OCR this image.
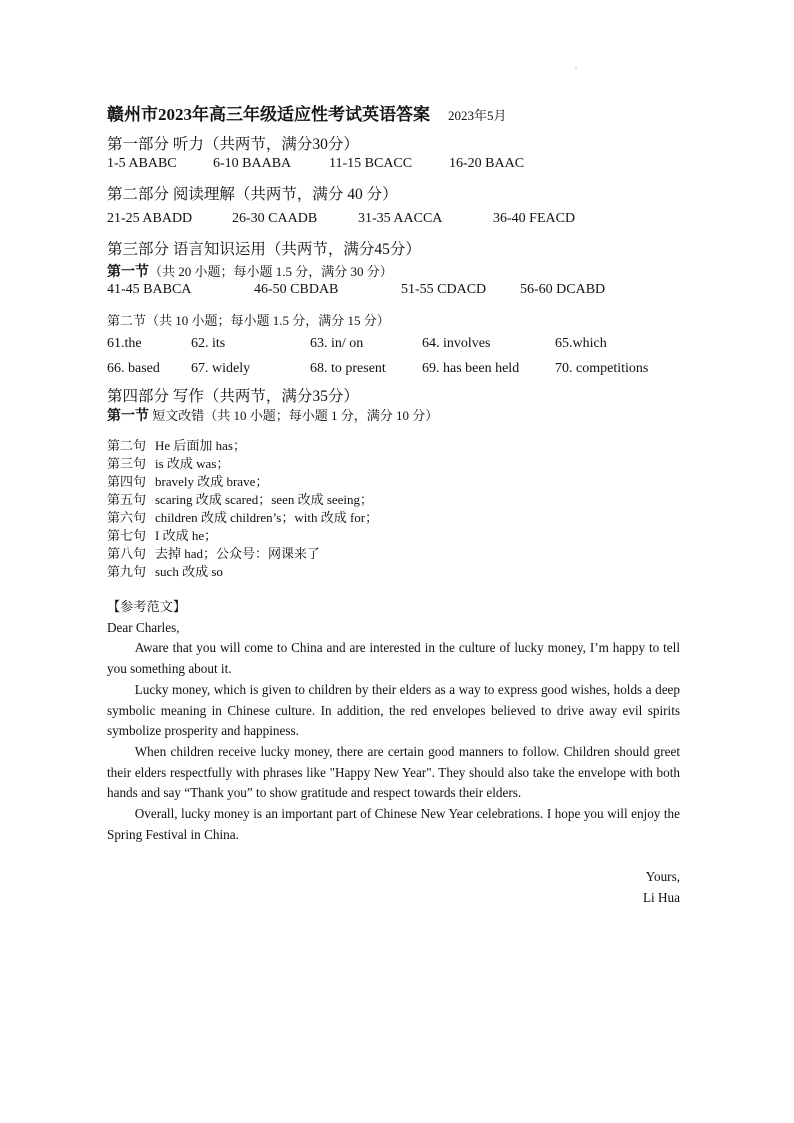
.
赣州市2023年高三年级适应性考试英语答案 2023年5月
第一部分 听力（共两节，满分30分）
1-5 ABABC	6-10 BAABA	11-15 BCACC	16-20 BAAC
第二部分 阅读理解（共两节，满分 40 分）
21-25 ABADD	26-30 CAADB	31-35 AACCA	36-40 FEACD
第三部分 语言知识运用（共两节，满分45分）
第一节（共 20 小题；每小题 1.5 分，满分 30 分）
41-45 BABCA	46-50 CBDAB	51-55 CDACD 56-60 DCABD
第二节（共 10 小题；每小题 1.5 分，满分 15 分）
61.the	62. its	63. in/ on	64. involves	65.which
66. based 67. widely	68. to present	69. has been held	70. competitions
第四部分 写作（共两节，满分35分）
第一节 短文改错（共 10 小题；每小题 1 分，满分 10 分）
第二句 He 后面加 has；
第三句 is 改成 was；
第四句 bravely 改成 brave；
第五句 scaring 改成 scared；seen 改成 seeing；
第六句 children 改成 children’s；with 改成 for；
第七句 I 改成 he；
第八句 去掉 had；公众号：网课来了
第九句 such 改成 so

【参考范文】

Dear Charles,

Aware that you will come to China and are interested in the culture of lucky money, I’m happy to tell you something about it.

Lucky money, which is given to children by their elders as a way to express good wishes, holds a deep symbolic meaning in Chinese culture. In addition, the red envelopes believed to drive away evil spirits symbolize prosperity and happiness.

When children receive lucky money, there are certain good manners to follow. Children should greet their elders respectfully with phrases like "Happy New Year". They should also take the envelope with both hands and say “Thank you” to show gratitude and respect towards their elders.

Overall, lucky money is an important part of Chinese New Year celebrations. I hope you will enjoy the Spring Festival in China.

Yours,
Li Hua
